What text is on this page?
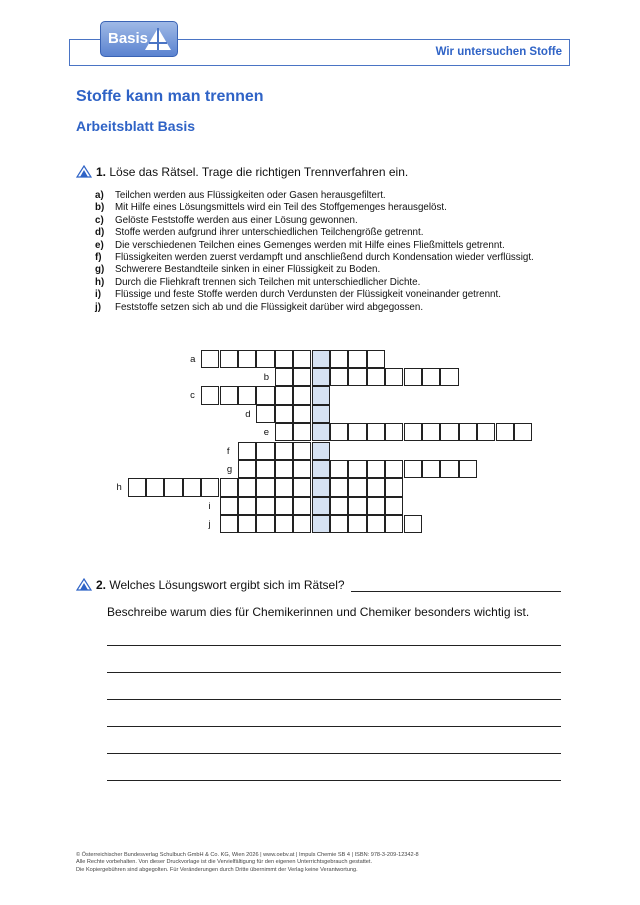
Wir untersuchen Stoffe
Basis
Stoffe kann man trennen
Arbeitsblatt Basis
1. Löse das Rätsel. Trage die richtigen Trennverfahren ein.
a)	Teilchen werden aus Flüssigkeiten oder Gasen herausgefiltert.
b)	Mit Hilfe eines Lösungsmittels wird ein Teil des Stoffgemenges herausgelöst.
c)	Gelöste Feststoffe werden aus einer Lösung gewonnen.
d)	Stoffe werden aufgrund ihrer unterschiedlichen Teilchengröße getrennt.
e)	Die verschiedenen Teilchen eines Gemenges werden mit Hilfe eines Fließmittels getrennt.
f)	Flüssigkeiten werden zuerst verdampft und anschließend durch Kondensation wieder verflüssigt.
g)	Schwerere Bestandteile sinken in einer Flüssigkeit zu Boden.
h)	Durch die Fliehkraft trennen sich Teilchen mit unterschiedlicher Dichte.
i)	Flüssige und feste Stoffe werden durch Verdunsten der Flüssigkeit voneinander getrennt.
j)	Feststoffe setzen sich ab und die Flüssigkeit darüber wird abgegossen.
a
b
c
d
e
f
g
h
i
j
2. Welches Lösungswort ergibt sich im Rätsel?
Beschreibe warum dies für Chemikerinnen und Chemiker besonders wichtig ist.
© Österreichischer Bundesverlag Schulbuch GmbH & Co. KG, Wien 2026 | www.oebv.at | Impuls Chemie SB 4 | ISBN: 978-3-209-12342-8
Alle Rechte vorbehalten. Von dieser Druckvorlage ist die Vervielfältigung für den eigenen Unterrichtsgebrauch gestattet.
Die Kopiergebühren sind abgegolten. Für Veränderungen durch Dritte übernimmt der Verlag keine Verantwortung.
